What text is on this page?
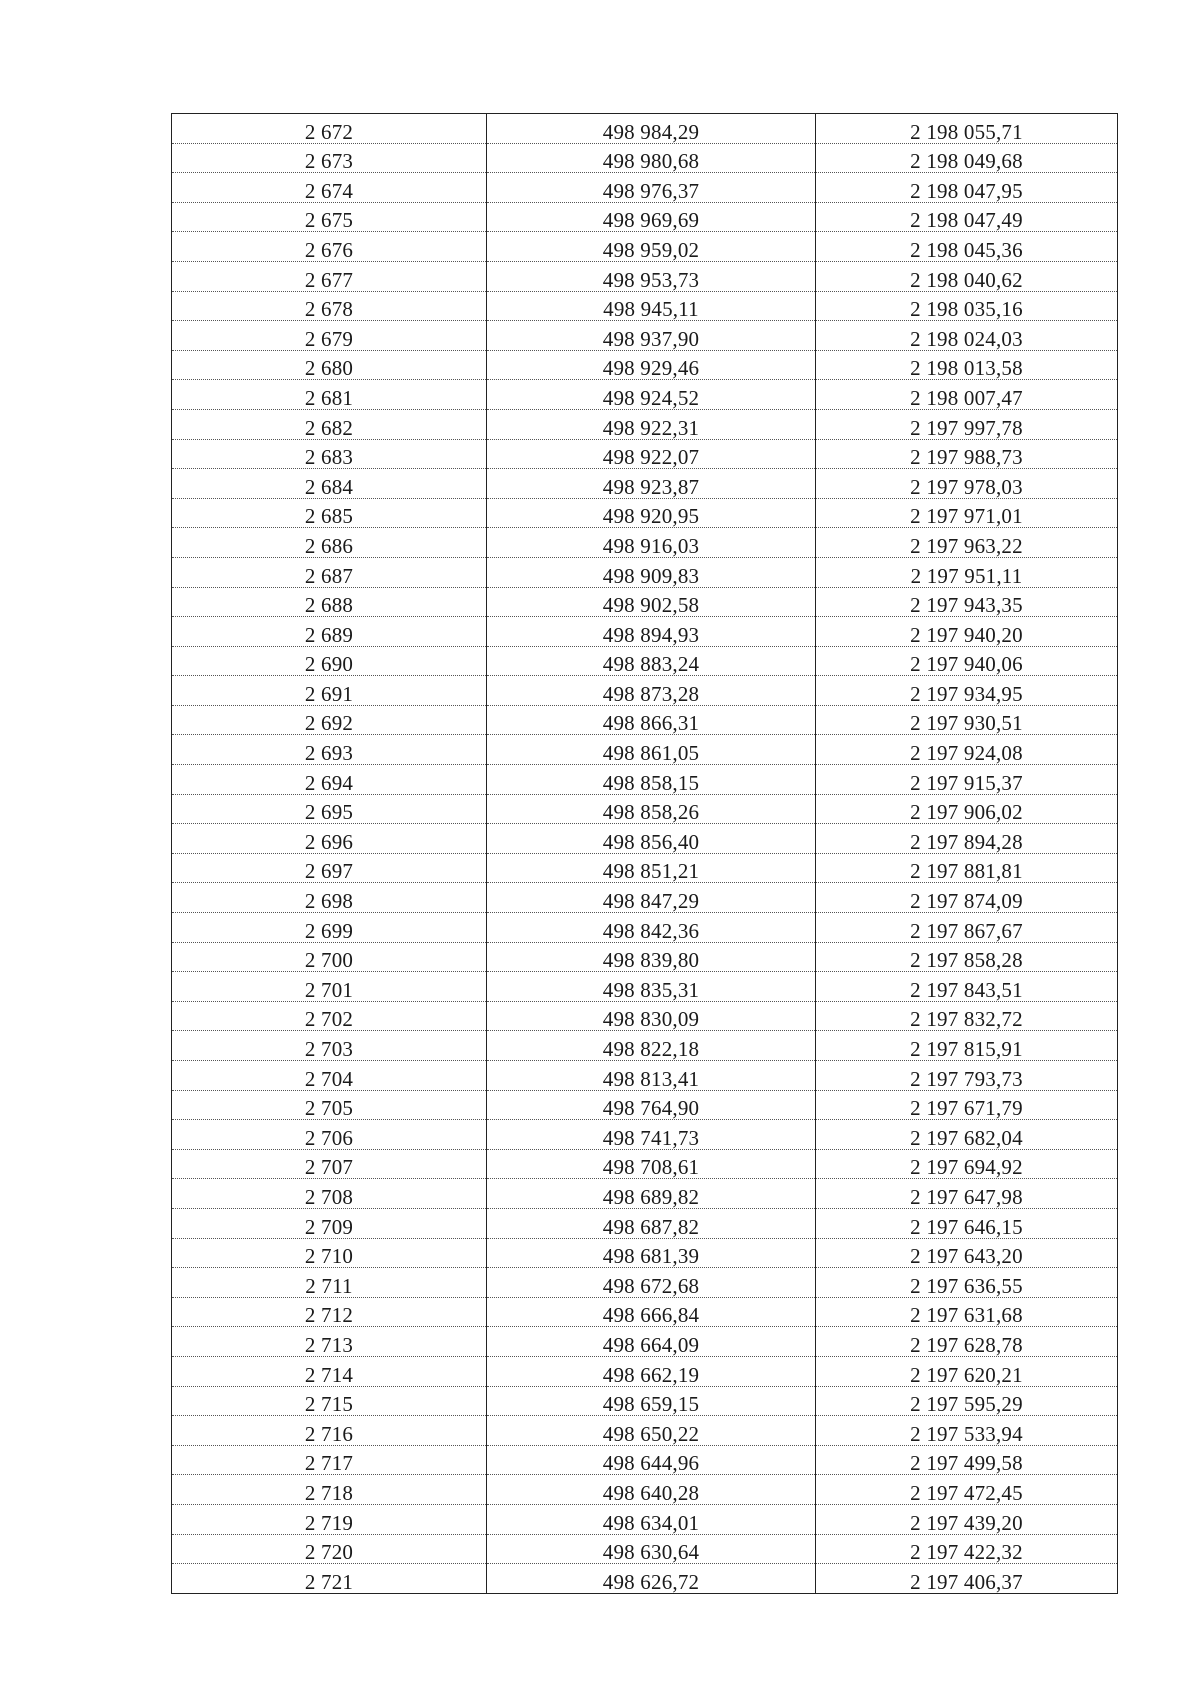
2 672	498 984,29	2 198 055,71
2 673	498 980,68	2 198 049,68
2 674	498 976,37	2 198 047,95
2 675	498 969,69	2 198 047,49
2 676	498 959,02	2 198 045,36
2 677	498 953,73	2 198 040,62
2 678	498 945,11	2 198 035,16
2 679	498 937,90	2 198 024,03
2 680	498 929,46	2 198 013,58
2 681	498 924,52	2 198 007,47
2 682	498 922,31	2 197 997,78
2 683	498 922,07	2 197 988,73
2 684	498 923,87	2 197 978,03
2 685	498 920,95	2 197 971,01
2 686	498 916,03	2 197 963,22
2 687	498 909,83	2 197 951,11
2 688	498 902,58	2 197 943,35
2 689	498 894,93	2 197 940,20
2 690	498 883,24	2 197 940,06
2 691	498 873,28	2 197 934,95
2 692	498 866,31	2 197 930,51
2 693	498 861,05	2 197 924,08
2 694	498 858,15	2 197 915,37
2 695	498 858,26	2 197 906,02
2 696	498 856,40	2 197 894,28
2 697	498 851,21	2 197 881,81
2 698	498 847,29	2 197 874,09
2 699	498 842,36	2 197 867,67
2 700	498 839,80	2 197 858,28
2 701	498 835,31	2 197 843,51
2 702	498 830,09	2 197 832,72
2 703	498 822,18	2 197 815,91
2 704	498 813,41	2 197 793,73
2 705	498 764,90	2 197 671,79
2 706	498 741,73	2 197 682,04
2 707	498 708,61	2 197 694,92
2 708	498 689,82	2 197 647,98
2 709	498 687,82	2 197 646,15
2 710	498 681,39	2 197 643,20
2 711	498 672,68	2 197 636,55
2 712	498 666,84	2 197 631,68
2 713	498 664,09	2 197 628,78
2 714	498 662,19	2 197 620,21
2 715	498 659,15	2 197 595,29
2 716	498 650,22	2 197 533,94
2 717	498 644,96	2 197 499,58
2 718	498 640,28	2 197 472,45
2 719	498 634,01	2 197 439,20
2 720	498 630,64	2 197 422,32
2 721	498 626,72	2 197 406,37
